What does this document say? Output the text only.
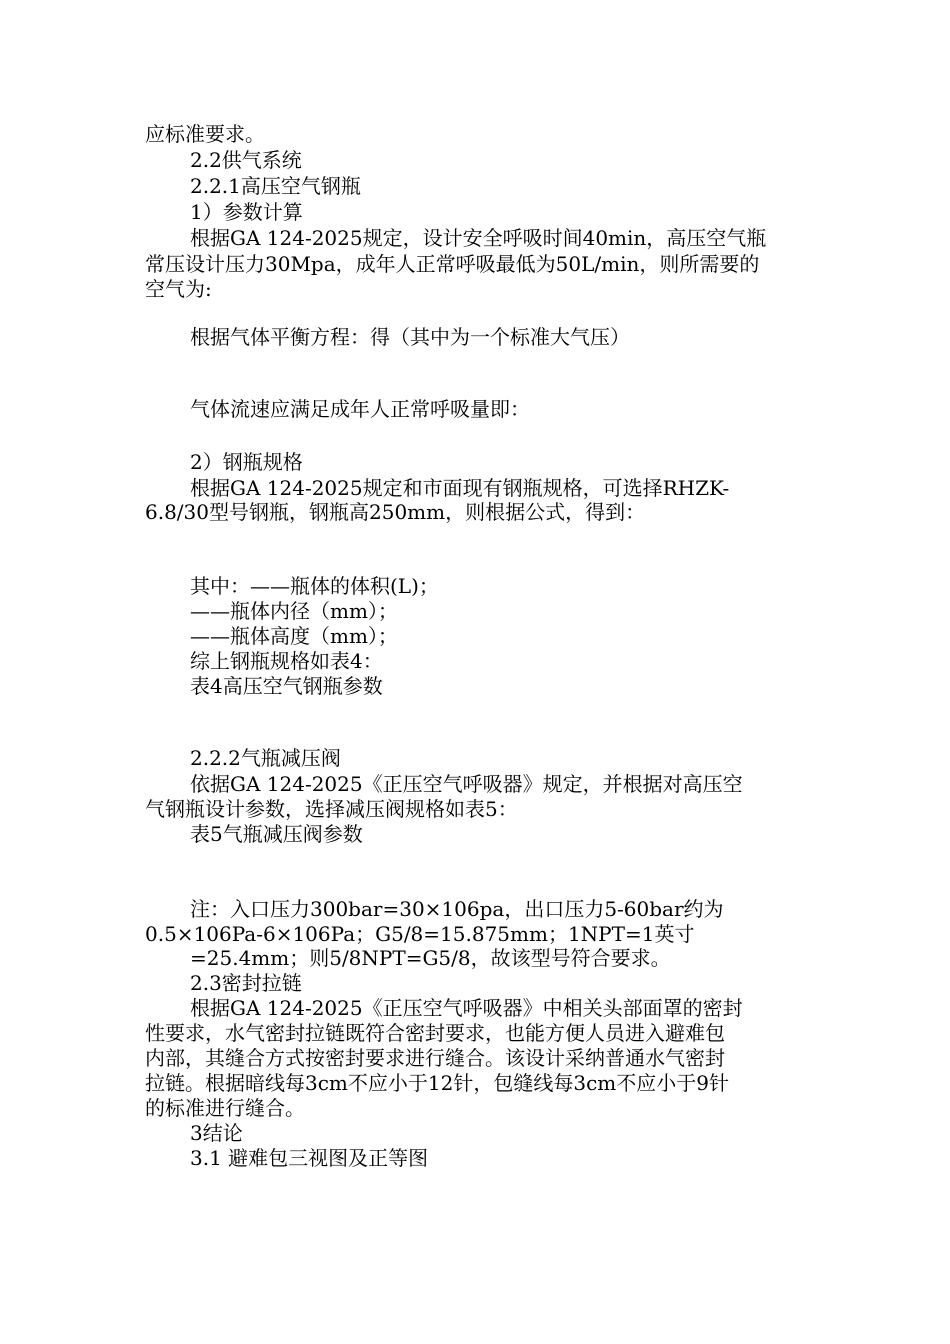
应标准要求。
2.2供气系统
2.2.1高压空气钢瓶
1）参数计算
根据GA 124-2025规定，设计安全呼吸时间40min，高压空气瓶
常压设计压力30Mpa，成年人正常呼吸最低为50L/min，则所需要的
空气为:
根据气体平衡方程：得（其中为一个标准大气压）
气体流速应满足成年人正常呼吸量即：
2）钢瓶规格
根据GA 124-2025规定和市面现有钢瓶规格，可选择RHZK-
6.8/30型号钢瓶，钢瓶高250mm，则根据公式，得到：
其中：——瓶体的体积(L)；
——瓶体内径（mm）；
——瓶体高度（mm）；
综上钢瓶规格如表4：
表4高压空气钢瓶参数
2.2.2气瓶减压阀
依据GA 124-2025《正压空气呼吸器》规定，并根据对高压空
气钢瓶设计参数，选择减压阀规格如表5：
表5气瓶减压阀参数
注：入口压力300bar=30×106pa，出口压力5-60bar约为
0.5×106Pa-6×106Pa；G5/8=15.875mm；1NPT=1英寸
=25.4mm；则5/8NPT=G5/8，故该型号符合要求。
2.3密封拉链
根据GA 124-2025《正压空气呼吸器》中相关头部面罩的密封
性要求，水气密封拉链既符合密封要求，也能方便人员进入避难包
内部，其缝合方式按密封要求进行缝合。该设计采纳普通水气密封
拉链。根据暗线每3cm不应小于12针，包缝线每3cm不应小于9针
的标准进行缝合。
3结论
3.1 避难包三视图及正等图
